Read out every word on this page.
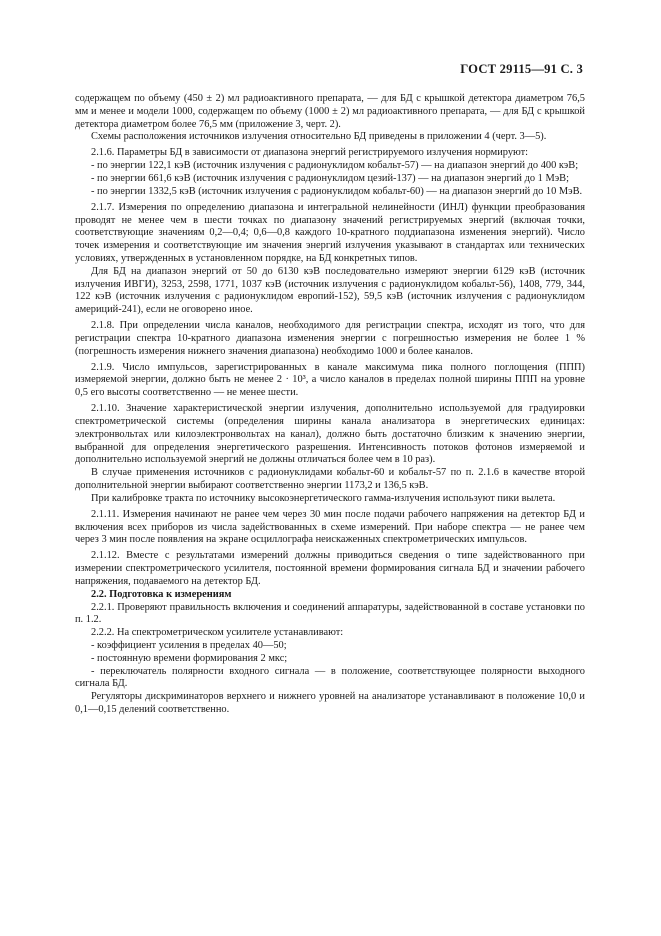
ГОСТ 29115—91 С. 3

содержащем по объему (450 ± 2) мл радиоактивного препарата, — для БД с крышкой детектора диаметром 76,5 мм и менее и модели 1000, содержащем по объему (1000 ± 2) мл радиоактивного препарата, — для БД с крышкой детектора диаметром более 76,5 мм (приложение 3, черт. 2).

Схемы расположения источников излучения относительно БД приведены в приложении 4 (черт. 3—5).

2.1.6. Параметры БД в зависимости от диапазона энергий регистрируемого излучения нормируют:

- по энергии 122,1 кэВ (источник излучения с радионуклидом кобальт-57) — на диапазон энергий до 400 кэВ;

- по энергии 661,6 кэВ (источник излучения с радионуклидом цезий-137) — на диапазон энергий до 1 МэВ;

- по энергии 1332,5 кэВ (источник излучения с радионуклидом кобальт-60) — на диапазон энергий до 10 МэВ.

2.1.7. Измерения по определению диапазона и интегральной нелинейности (ИНЛ) функции преобразования проводят не менее чем в шести точках по диапазону значений регистрируемых энергий (включая точки, соответствующие значениям 0,2—0,4; 0,6—0,8 каждого 10-кратного поддиапазона изменения энергий). Число точек измерения и соответствующие им значения энергий излучения указывают в стандартах или технических условиях, утвержденных в установленном порядке, на БД конкретных типов.

Для БД на диапазон энергий от 50 до 6130 кэВ последовательно измеряют энергии 6129 кэВ (источник излучения ИВГИ), 3253, 2598, 1771, 1037 кэВ (источник излучения с радионуклидом кобальт-56), 1408, 779, 344, 122 кэВ (источник излучения с радионуклидом европий-152), 59,5 кэВ (источник излучения с радионуклидом америций-241), если не оговорено иное.

2.1.8. При определении числа каналов, необходимого для регистрации спектра, исходят из того, что для регистрации спектра 10-кратного диапазона изменения энергии с погрешностью измерения не более 1 % (погрешность измерения нижнего значения диапазона) необходимо 1000 и более каналов.

2.1.9. Число импульсов, зарегистрированных в канале максимума пика полного поглощения (ППП) измеряемой энергии, должно быть не менее 2 · 10³, а число каналов в пределах полной ширины ППП на уровне 0,5 его высоты соответственно — не менее шести.

2.1.10. Значение характеристической энергии излучения, дополнительно используемой для градуировки спектрометрической системы (определения ширины канала анализатора в энергетических единицах: электронвольтах или килоэлектронвольтах на канал), должно быть достаточно близким к значению энергии, выбранной для определения энергетического разрешения. Интенсивность потоков фотонов измеряемой и дополнительно используемой энергий не должны отличаться более чем в 10 раз).

В случае применения источников с радионуклидами кобальт-60 и кобальт-57 по п. 2.1.6 в качестве второй дополнительной энергии выбирают соответственно энергии 1173,2 и 136,5 кэВ.

При калибровке тракта по источнику высокоэнергетического гамма-излучения используют пики вылета.

2.1.11. Измерения начинают не ранее чем через 30 мин после подачи рабочего напряжения на детектор БД и включения всех приборов из числа задействованных в схеме измерений. При наборе спектра — не ранее чем через 3 мин после появления на экране осциллографа неискаженных спектрометрических импульсов.

2.1.12. Вместе с результатами измерений должны приводиться сведения о типе задействованного при измерении спектрометрического усилителя, постоянной времени формирования сигнала БД и значении рабочего напряжения, подаваемого на детектор БД.

2.2. Подготовка к измерениям

2.2.1. Проверяют правильность включения и соединений аппаратуры, задействованной в составе установки по п. 1.2.

2.2.2. На спектрометрическом усилителе устанавливают:

- коэффициент усиления в пределах 40—50;

- постоянную времени формирования 2 мкс;

- переключатель полярности входного сигнала — в положение, соответствующее полярности выходного сигнала БД.

Регуляторы дискриминаторов верхнего и нижнего уровней на анализаторе устанавливают в положение 10,0 и 0,1—0,15 делений соответственно.
